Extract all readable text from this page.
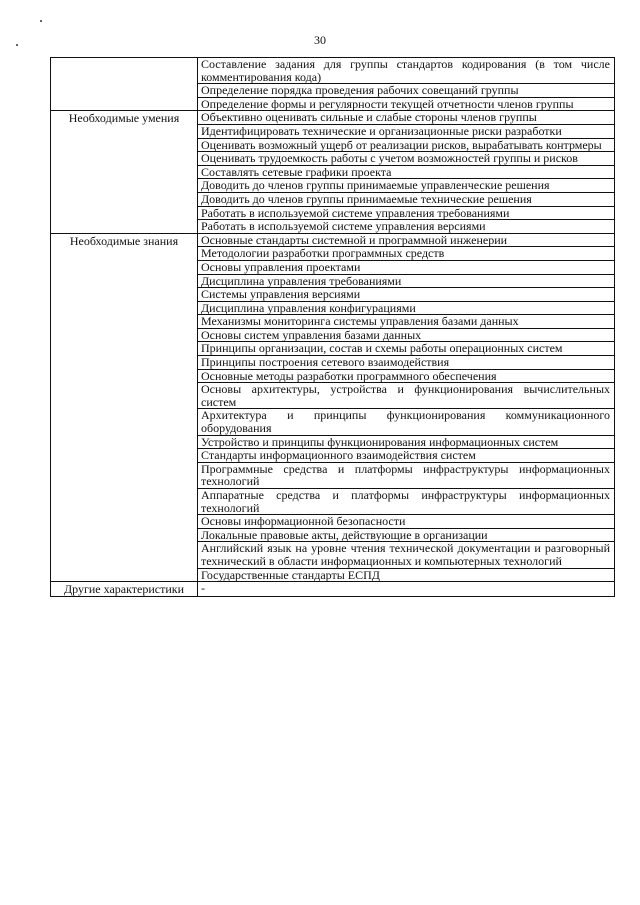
30
	Составление задания для группы стандартов кодирования (в том числе комментирования кода)
	Определение порядка проведения рабочих совещаний группы
	Определение формы и регулярности текущей отчетности членов группы
Необходимые умения	Объективно оценивать сильные и слабые стороны членов группы
	Идентифицировать технические и организационные риски разработки
	Оценивать возможный ущерб от реализации рисков, вырабатывать контрмеры
	Оценивать трудоемкость работы с учетом возможностей группы и рисков
	Составлять сетевые графики проекта
	Доводить до членов группы принимаемые управленческие решения
	Доводить до членов группы принимаемые технические решения
	Работать в используемой системе управления требованиями
	Работать в используемой системе управления версиями
Необходимые знания	Основные стандарты системной и программной инженерии
	Методологии разработки программных средств
	Основы управления проектами
	Дисциплина управления требованиями
	Системы управления версиями
	Дисциплина управления конфигурациями
	Механизмы мониторинга системы управления базами данных
	Основы систем управления базами данных
	Принципы организации, состав и схемы работы операционных систем
	Принципы построения сетевого взаимодействия
	Основные методы разработки программного обеспечения
	Основы архитектуры, устройства и функционирования вычислительных систем
	Архитектура и принципы функционирования коммуникационного оборудования
	Устройство и принципы функционирования информационных систем
	Стандарты информационного взаимодействия систем
	Программные средства и платформы инфраструктуры информационных технологий
	Аппаратные средства и платформы инфраструктуры информационных технологий
	Основы информационной безопасности
	Локальные правовые акты, действующие в организации
	Английский язык на уровне чтения технической документации и разговорный технический в области информационных и компьютерных технологий
	Государственные стандарты ЕСПД
Другие характеристики	-
